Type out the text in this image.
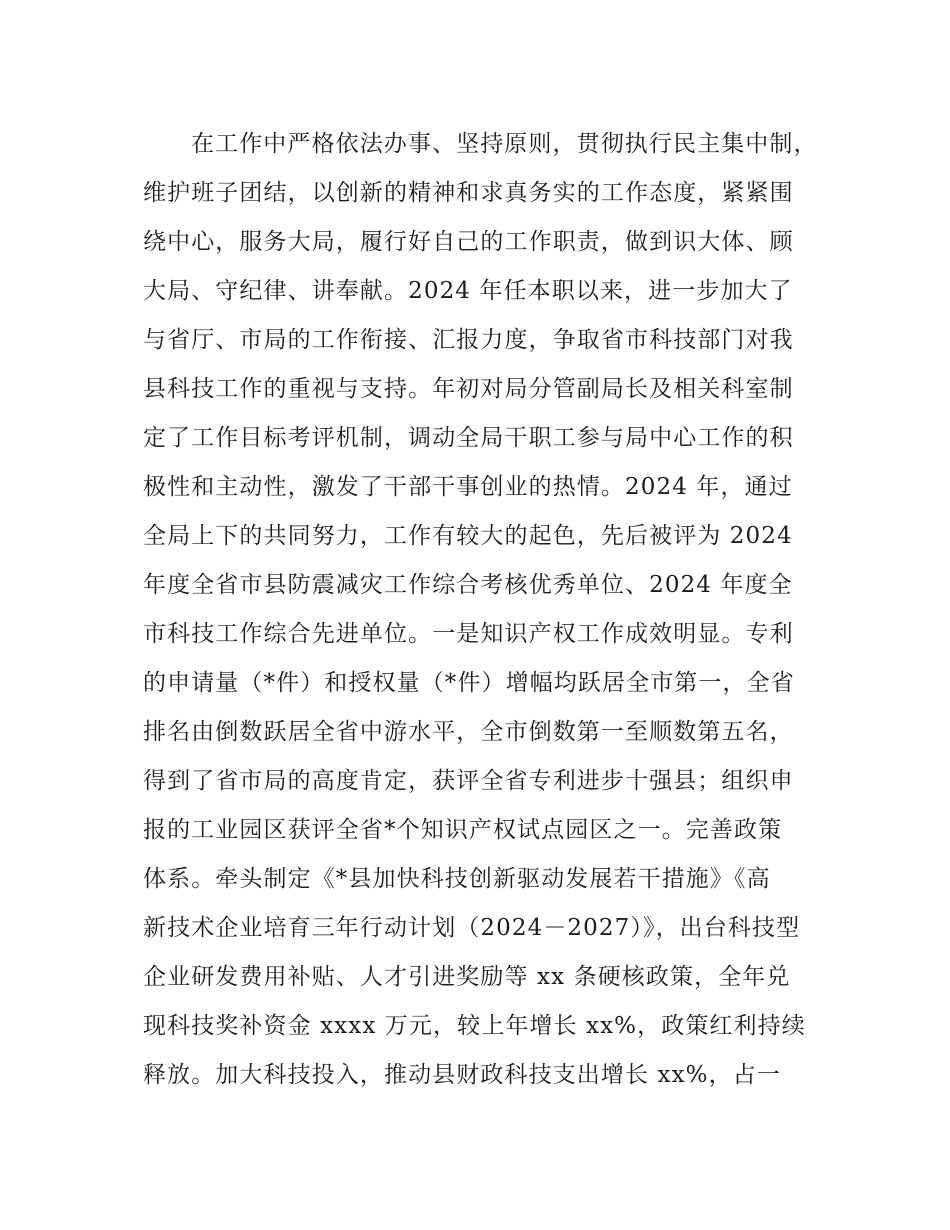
在工作中严格依法办事、坚持原则，贯彻执行民主集中制，
维护班子团结，以创新的精神和求真务实的工作态度，紧紧围
绕中心，服务大局，履行好自己的工作职责，做到识大体、顾
大局、守纪律、讲奉献。2024 年任本职以来，进一步加大了
与省厅、市局的工作衔接、汇报力度，争取省市科技部门对我
县科技工作的重视与支持。年初对局分管副局长及相关科室制
定了工作目标考评机制，调动全局干职工参与局中心工作的积
极性和主动性，激发了干部干事创业的热情。2024 年，通过
全局上下的共同努力，工作有较大的起色，先后被评为 2024
年度全省市县防震减灾工作综合考核优秀单位、2024 年度全
市科技工作综合先进单位。一是知识产权工作成效明显。专利
的申请量（*件）和授权量（*件）增幅均跃居全市第一，全省
排名由倒数跃居全省中游水平，全市倒数第一至顺数第五名，
得到了省市局的高度肯定，获评全省专利进步十强县；组织申
报的工业园区获评全省*个知识产权试点园区之一。完善政策
体系。牵头制定《*县加快科技创新驱动发展若干措施》《高
新技术企业培育三年行动计划（2024－2027）》，出台科技型
企业研发费用补贴、人才引进奖励等 xx 条硬核政策，全年兑
现科技奖补资金 xxxx 万元，较上年增长 xx%，政策红利持续
释放。加大科技投入，推动县财政科技支出增长 xx%，占一
